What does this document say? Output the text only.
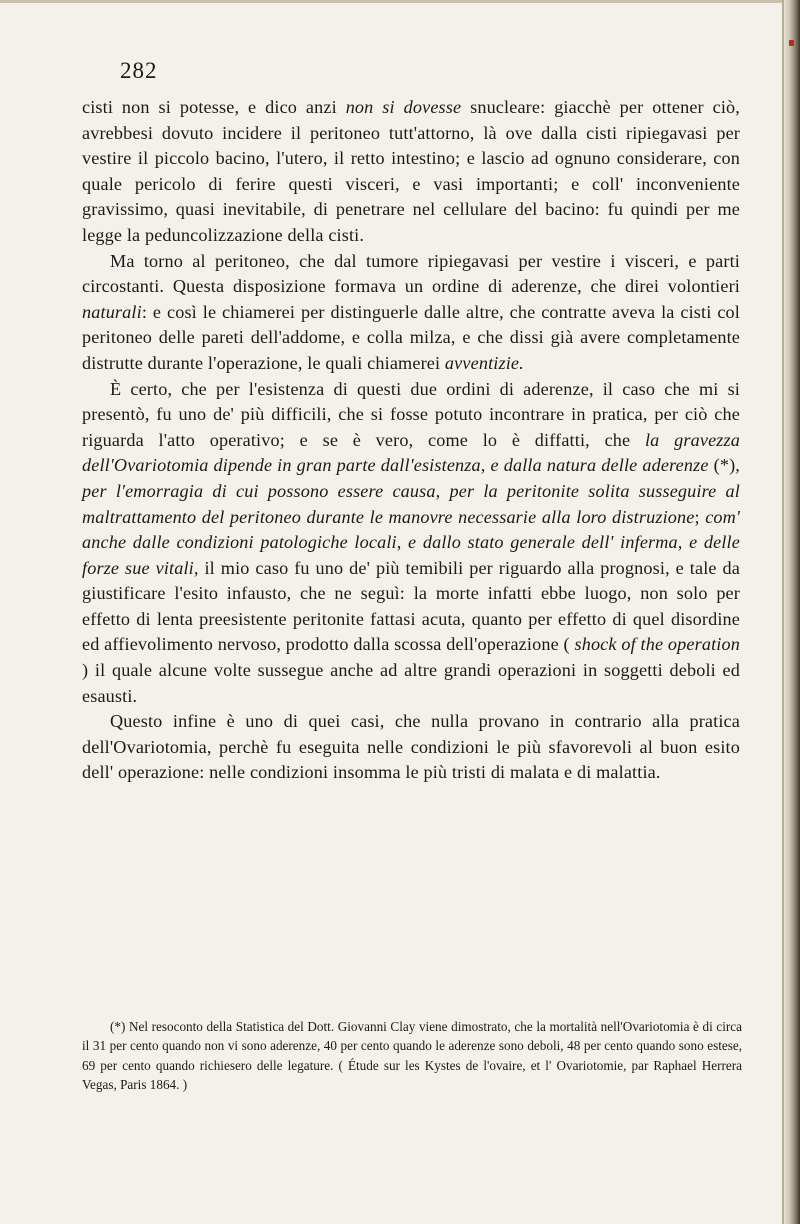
282

cisti non si potesse, e dico anzi non si dovesse snucleare: giacchè per ottener ciò, avrebbesi dovuto incidere il peritoneo tutt'attorno, là ove dalla cisti ripiegavasi per vestire il piccolo bacino, l'utero, il retto intestino; e lascio ad ognuno considerare, con quale pericolo di ferire questi visceri, e vasi importanti; e coll' inconveniente gravissimo, quasi inevitabile, di penetrare nel cellulare del bacino: fu quindi per me legge la peduncolizzazione della cisti.

Ma torno al peritoneo, che dal tumore ripiegavasi per vestire i visceri, e parti circostanti. Questa disposizione formava un ordine di aderenze, che direi volontieri naturali: e così le chiamerei per distinguerle dalle altre, che contratte aveva la cisti col peritoneo delle pareti dell'addome, e colla milza, e che dissi già avere completamente distrutte durante l'operazione, le quali chiamerei avventizie.

È certo, che per l'esistenza di questi due ordini di aderenze, il caso che mi si presentò, fu uno de' più difficili, che si fosse potuto incontrare in pratica, per ciò che riguarda l'atto operativo; e se è vero, come lo è diffatti, che la gravezza dell'Ovariotomia dipende in gran parte dall'esistenza, e dalla natura delle aderenze (*), per l'emorragia di cui possono essere causa, per la peritonite solita susseguire al maltrattamento del peritoneo durante le manovre necessarie alla loro distruzione; com' anche dalle condizioni patologiche locali, e dallo stato generale dell' inferma, e delle forze sue vitali, il mio caso fu uno de' più temibili per riguardo alla prognosi, e tale da giustificare l'esito infausto, che ne seguì: la morte infatti ebbe luogo, non solo per effetto di lenta preesistente peritonite fattasi acuta, quanto per effetto di quel disordine ed affievolimento nervoso, prodotto dalla scossa dell'operazione ( shock of the operation ) il quale alcune volte sussegue anche ad altre grandi operazioni in soggetti deboli ed esausti.

Questo infine è uno di quei casi, che nulla provano in contrario alla pratica dell'Ovariotomia, perchè fu eseguita nelle condizioni le più sfavorevoli al buon esito dell' operazione: nelle condizioni insomma le più tristi di malata e di malattia.

(*) Nel resoconto della Statistica del Dott. Giovanni Clay viene dimostrato, che la mortalità nell'Ovariotomia è di circa il 31 per cento quando non vi sono aderenze, 40 per cento quando le aderenze sono deboli, 48 per cento quando sono estese, 69 per cento quando richiesero delle legature. ( Étude sur les Kystes de l'ovaire, et l' Ovariotomie, par Raphael Herrera Vegas, Paris 1864. )
